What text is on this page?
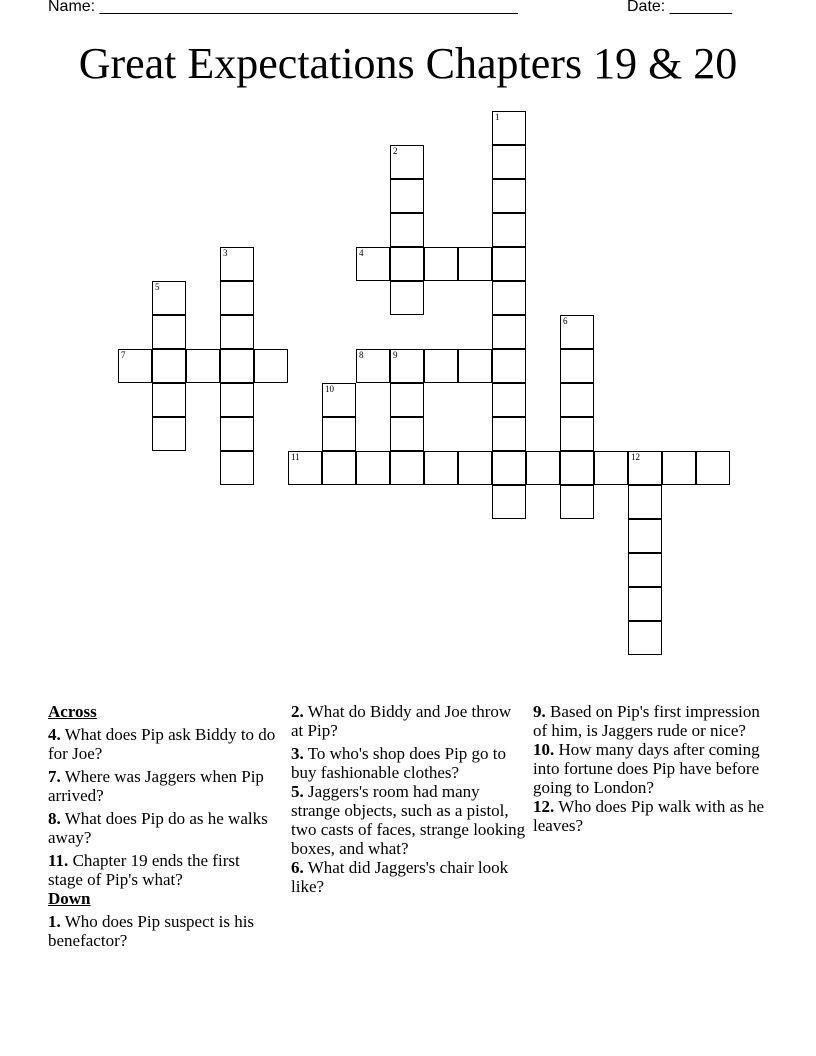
Name: _______________________________________________	Date: _______
Great Expectations Chapters 19 & 20
1
2
3	4
5
6
7	8	9
10
11	12
Across
4. What does Pip ask Biddy to do for Joe?
7. Where was Jaggers when Pip arrived?
8. What does Pip do as he walks away?
11. Chapter 19 ends the first stage of Pip's what?
Down
1. Who does Pip suspect is his benefactor?
2. What do Biddy and Joe throw at Pip?
3. To who's shop does Pip go to buy fashionable clothes?
5. Jaggers's room had many strange objects, such as a pistol, two casts of faces, strange looking boxes, and what?
6. What did Jaggers's chair look like?
9. Based on Pip's first impression of him, is Jaggers rude or nice?
10. How many days after coming into fortune does Pip have before going to London?
12. Who does Pip walk with as he leaves?
